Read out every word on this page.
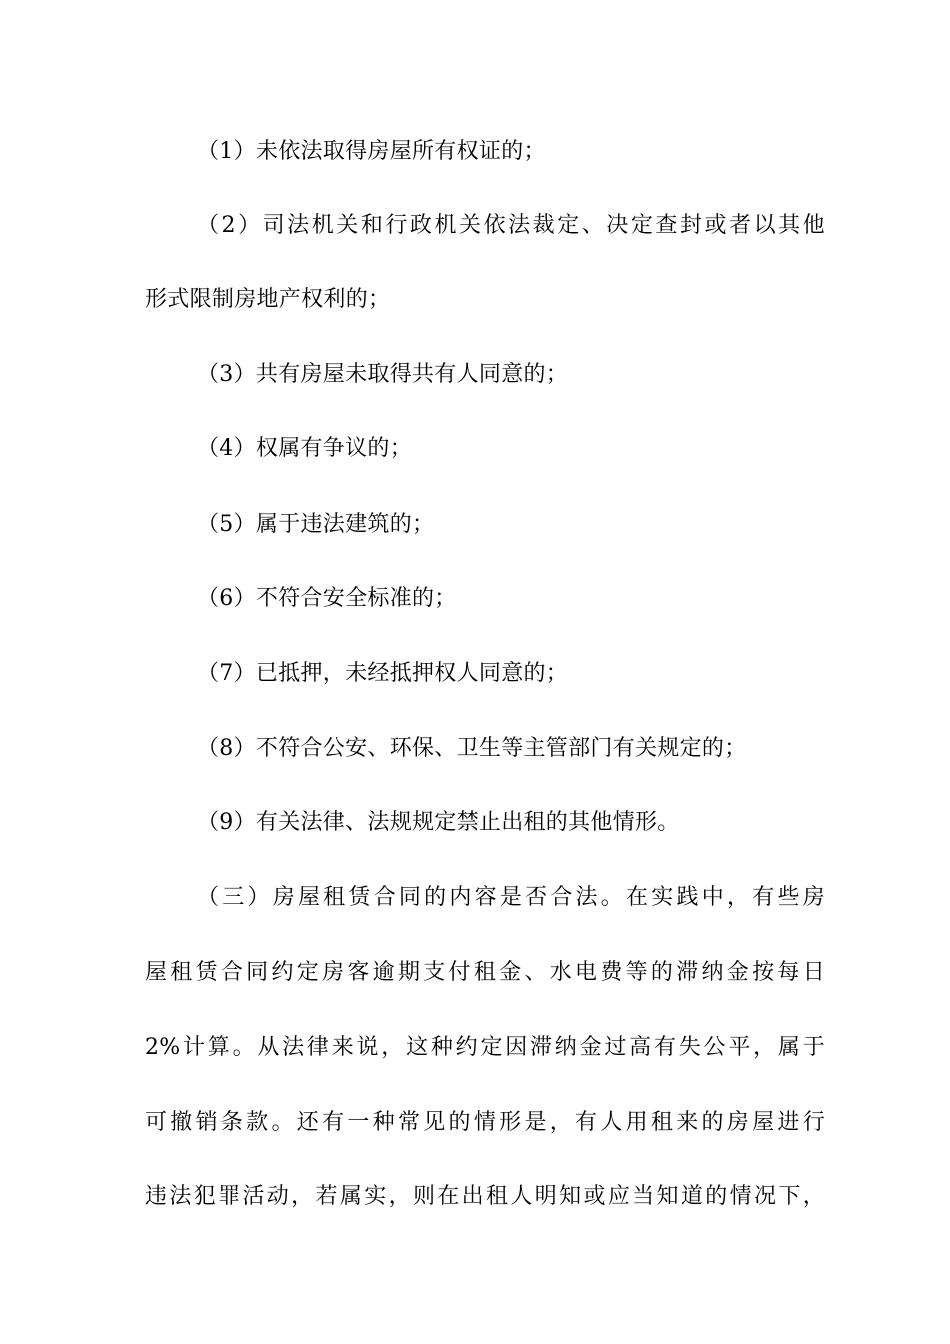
（1）未依法取得房屋所有权证的；
（2）司法机关和行政机关依法裁定、决定查封或者以其他
形式限制房地产权利的；
（3）共有房屋未取得共有人同意的；
（4）权属有争议的；
（5）属于违法建筑的；
（6）不符合安全标准的；
（7）已抵押，未经抵押权人同意的；
（8）不符合公安、环保、卫生等主管部门有关规定的；
（9）有关法律、法规规定禁止出租的其他情形。
（三）房屋租赁合同的内容是否合法。在实践中，有些房
屋租赁合同约定房客逾期支付租金、水电费等的滞纳金按每日
2%计算。从法律来说，这种约定因滞纳金过高有失公平，属于
可撤销条款。还有一种常见的情形是，有人用租来的房屋进行
违法犯罪活动，若属实，则在出租人明知或应当知道的情况下，
